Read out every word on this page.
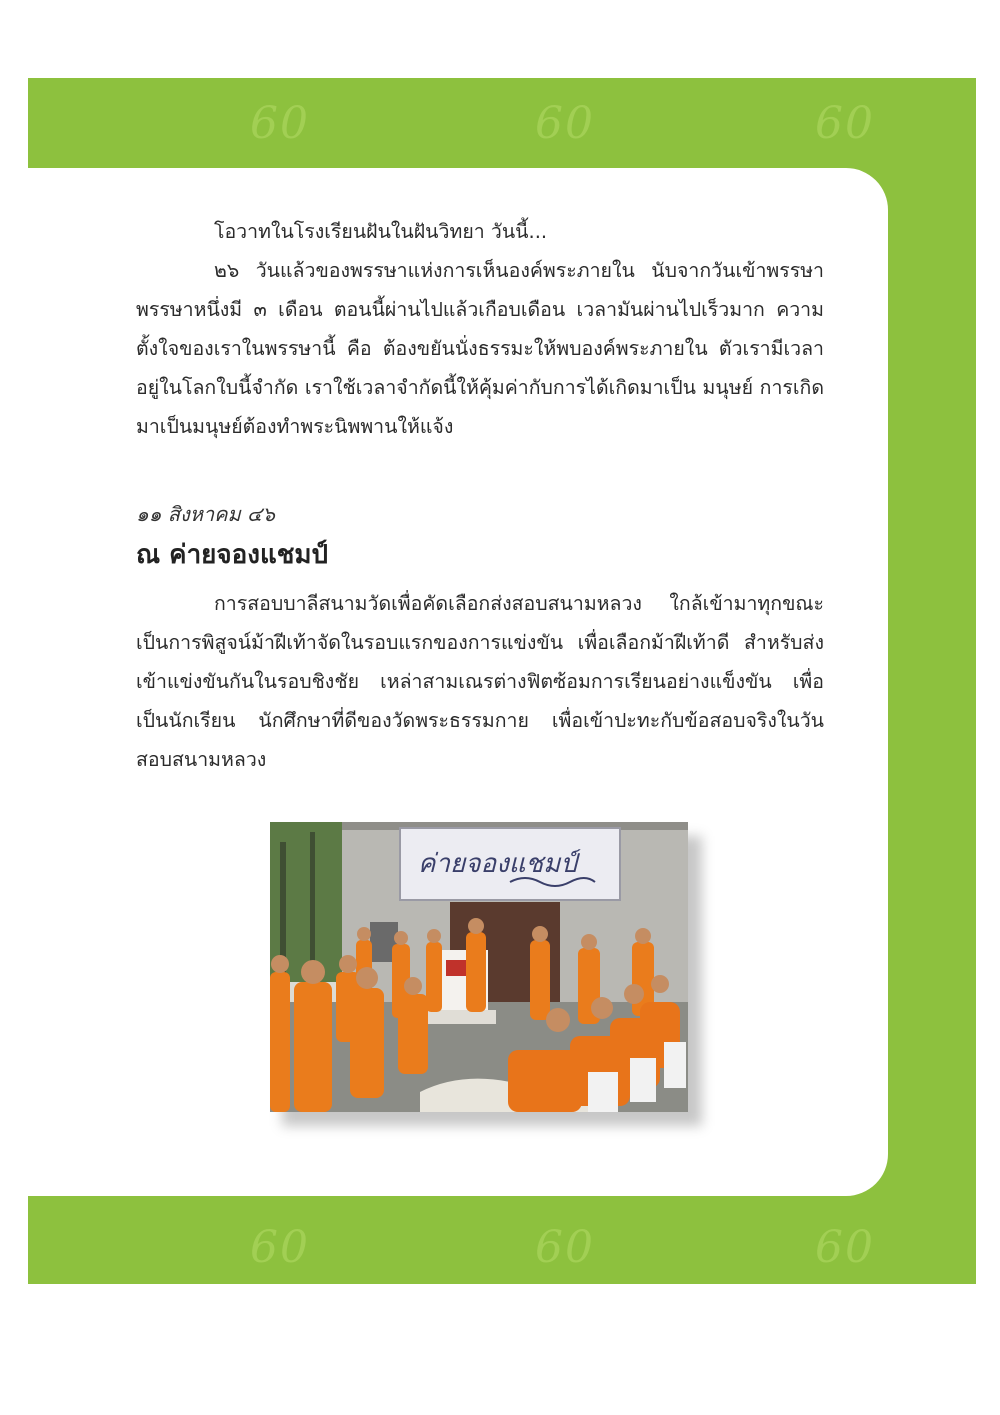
60	60	60
60	60	60

โอวาทในโรงเรียนฝันในฝันวิทยา วันนี้...

๒๖ วันแล้วของพรรษาแห่งการเห็นองค์พระภายใน นับจากวันเข้าพรรษา พรรษาหนึ่งมี ๓ เดือน ตอนนี้ผ่านไปแล้วเกือบเดือน เวลามันผ่านไปเร็วมาก ความตั้งใจของเราในพรรษานี้ คือ ต้องขยันนั่งธรรมะให้พบองค์พระภายใน ตัวเรามีเวลาอยู่ในโลกใบนี้จำกัด เราใช้เวลาจำกัดนี้ให้คุ้มค่ากับการได้เกิดมาเป็น มนุษย์ การเกิดมาเป็นมนุษย์ต้องทำพระนิพพานให้แจ้ง

๑๑ สิงหาคม ๔๖
ณ ค่ายจองแชมป์

การสอบบาลีสนามวัดเพื่อคัดเลือกส่งสอบสนามหลวง ใกล้เข้ามาทุกขณะ เป็นการพิสูจน์ม้าฝีเท้าจัดในรอบแรกของการแข่งขัน เพื่อเลือกม้าฝีเท้าดี สำหรับส่งเข้าแข่งขันกันในรอบชิงชัย เหล่าสามเณรต่างฟิตซ้อมการเรียนอย่างแข็งขัน เพื่อเป็นนักเรียน นักศึกษาที่ดีของวัดพระธรรมกาย เพื่อเข้าปะทะกับข้อสอบจริงในวัน สอบสนามหลวง

ค่ายจองแชมป์
